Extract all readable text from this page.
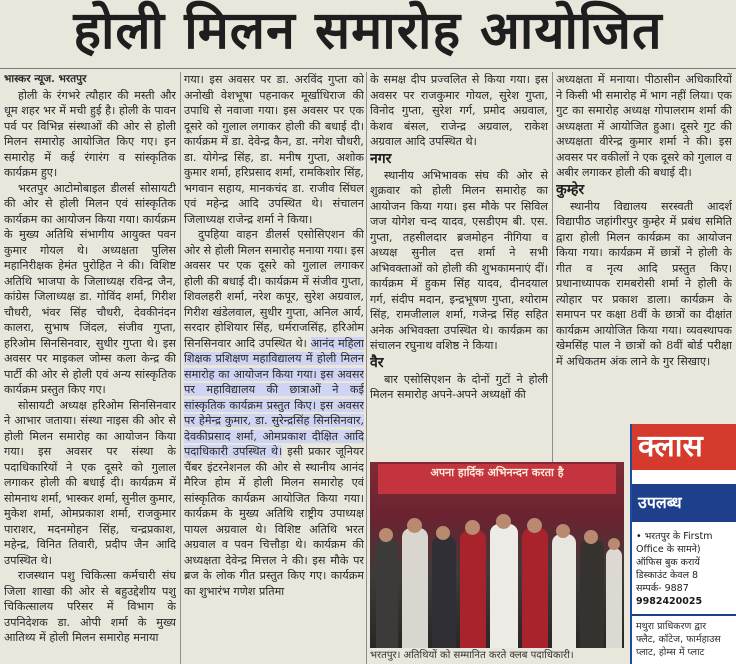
होली मिलन समारोह आयोजित

भास्कर न्यूज. भरतपुर

होली के रंगभरे त्यौहार की मस्ती और धूम शहर भर में मची हुई है। होली के पावन पर्व पर विभिन्न संस्थाओं की ओर से होली मिलन समारोह आयोजित किए गए। इन समारोह में कई रंगारंग व सांस्कृतिक कार्यक्रम हुए।

भरतपुर आटोमोबाइल डीलर्स सोसायटी की ओर से होली मिलन एवं सांस्कृतिक कार्यक्रम का आयोजन किया गया। कार्यक्रम के मुख्य अतिथि संभागीय आयुक्त पवन कुमार गोयल थे। अध्यक्षता पुलिस महानिरीक्षक हेमंत पुरोहित ने की। विशिष्ट अतिथि भाजपा के जिलाध्यक्ष रविन्द्र जैन, कांग्रेस जिलाध्यक्ष डा. गोविंद शर्मा, गिरीश चौधरी, भंवर सिंह चौधरी, देवकीनंदन कालरा, सुभाष जिंदल, संजीव गुप्ता, हरिओम सिनसिनवार, सुधीर गुप्ता थे। इस अवसर पर माइकल जोम्स कला केन्द्र की पार्टी की ओर से होली एवं अन्य सांस्कृतिक कार्यक्रम प्रस्तुत किए गए।

सोसायटी अध्यक्ष हरिओम सिनसिनवार ने आभार जताया। संस्था नाइस की ओर से होली मिलन समारोह का आयोजन किया गया। इस अवसर पर संस्था के पदाधिकारियों ने एक दूसरे को गुलाल लगाकर होली की बधाई दी। कार्यक्रम में सोमनाथ शर्मा, भास्कर शर्मा, सुनील कुमार, मुकेश शर्मा, ओमप्रकाश शर्मा, राजकुमार पाराशर, मदनमोहन सिंह, चन्द्रप्रकाश, महेन्द्र, विनित तिवारी, प्रदीप जैन आदि उपस्थित थे।

राजस्थान पशु चिकित्सा कर्मचारी संघ जिला शाखा की ओर से बहुउद्देशीय पशु चिकित्सालय परिसर में विभाग के उपनिदेशक डा. ओपी शर्मा के मुख्य आतिथ्य में होली मिलन समारोह मनाया

गया। इस अवसर पर डा. अरविंद गुप्ता को अनोखी वेशभूषा पहनाकर मूर्खाधिराज की उपाधि से नवाजा गया। इस अवसर पर एक दूसरे को गुलाल लगाकर होली की बधाई दी। कार्यक्रम में डा. देवेन्द्र कैन, डा. नगेश चौधरी, डा. योगेन्द्र सिंह, डा. मनीष गुप्ता, अशोक कुमार शर्मा, हरिप्रसाद शर्मा, रामकिशोर सिंह, भगवान सहाय, मानकचंद डा. राजीव सिंघल एवं महेन्द्र आदि उपस्थित थे। संचालन जिलाध्यक्ष राजेन्द्र शर्मा ने किया।

दुपहिया वाहन डीलर्स एसोसिएशन की ओर से होली मिलन समारोह मनाया गया। इस अवसर पर एक दूसरे को गुलाल लगाकर होली की बधाई दी। कार्यक्रम में संजीव गुप्ता, शिवलहरी शर्मा, नरेश कपूर, सुरेश अग्रवाल, गिरीश खंडेलवाल, सुधीर गुप्ता, अनिल आर्य, सरदार होशियार सिंह, धर्मराजसिंह, हरिओम सिनसिनवार आदि उपस्थित थे। आनंद महिला शिक्षक प्रशिक्षण महाविद्यालय में होली मिलन समारोह का आयोजन किया गया। इस अवसर पर महाविद्यालय की छात्राओं ने कई सांस्कृतिक कार्यक्रम प्रस्तुत किए। इस अवसर पर हेमेन्द्र कुमार, डा. सुरेन्द्रसिंह सिनसिनवार, देवकीप्रसाद शर्मा, ओमप्रकाश दीक्षित आदि पदाधिकारी उपस्थित थे। इसी प्रकार जूनियर चैंबर इंटरनेशनल की ओर से स्थानीय आनंद मैरिज होम में होली मिलन समारोह एवं सांस्कृतिक कार्यक्रम आयोजित किया गया। कार्यक्रम के मुख्य अतिथि राष्ट्रीय उपाध्यक्ष पायल अग्रवाल थे। विशिष्ट अतिथि भरत अग्रवाल व पवन चित्तौड़ा थे। कार्यक्रम की अध्यक्षता देवेन्द्र मित्तल ने की। इस मौके पर ब्रज के लोक गीत प्रस्तुत किए गए। कार्यक्रम का शुभारंभ गणेश प्रतिमा

के समक्ष दीप प्रज्वलित से किया गया। इस अवसर पर राजकुमार गोयल, सुरेश गुप्ता, विनोद गुप्ता, सुरेश गर्ग, प्रमोद अग्रवाल, केशव बंसल, राजेन्द्र अग्रवाल, राकेश अग्रवाल आदि उपस्थित थे।

नगर

स्थानीय अभिभावक संघ की ओर से शुक्रवार को होली मिलन समारोह का आयोजन किया गया। इस मौके पर सिविल जज योगेश चन्द यादव, एसडीएम बी. एस. गुप्ता, तहसीलदार ब्रजमोहन नीगिया व अध्यक्ष सुनील दत्त शर्मा ने सभी अभिवक्ताओं को होली की शुभकामनाएं दीं। कार्यक्रम में हुकम सिंह यादव, दीनदयाल गर्ग, संदीप मदान, इन्द्रभूषण गुप्ता, श्योराम सिंह, रामजीलाल शर्मा, गजेन्द्र सिंह सहित अनेक अभिवक्ता उपस्थित थे। कार्यक्रम का संचालन रघुनाथ वशिष्ठ ने किया।

वैर

बार एसोसिएशन के दोनों गुटों ने होली मिलन समारोह अपने-अपने अध्यक्षों की

अध्यक्षता में मनाया। पीठासीन अधिकारियों ने किसी भी समारोह में भाग नहीं लिया। एक गुट का समारोह अध्यक्ष गोपालराम शर्मा की अध्यक्षता में आयोजित हुआ। दूसरे गुट की अध्यक्षता वीरेन्द्र कुमार शर्मा ने की। इस अवसर पर वकीलों ने एक दूसरे को गुलाल व अबीर लगाकर होली की बधाई दी।

कुम्हेर

स्थानीय विद्यालय सरस्वती आदर्श विद्यापीठ जहांगीरपुर कुम्हेर में प्रबंध समिति द्वारा होली मिलन कार्यक्रम का आयोजन किया गया। कार्यक्रम में छात्रों ने होली के गीत व नृत्य आदि प्रस्तुत किए। प्रधानाध्यापक रामबरोसी शर्मा ने होली के त्योहार पर प्रकाश डाला। कार्यक्रम के समापन पर कक्षा 8वीं के छात्रों का दीक्षांत कार्यक्रम आयोजित किया गया। व्यवस्थापक खेमसिंह पाल ने छात्रों को 8वीं बोर्ड परीक्षा में अधिकतम अंक लाने के गुर सिखाए।

अपना हार्दिक अभिनन्दन करता है
भरतपुर। अतिथियों को सम्मानित करते क्लब पदाधिकारी।
क्लास
उपलब्ध
• भरतपुर के Firstm
Office के सामने)
ऑफिस बुक करायें
डिस्काउंट केवल 8
सम्पर्क- 9887
9982420025
मथुरा प्राधिकरण द्वार
फ्लैट, कॉटेज, फार्महाउस
प्लाट, होम्स में प्लाट
